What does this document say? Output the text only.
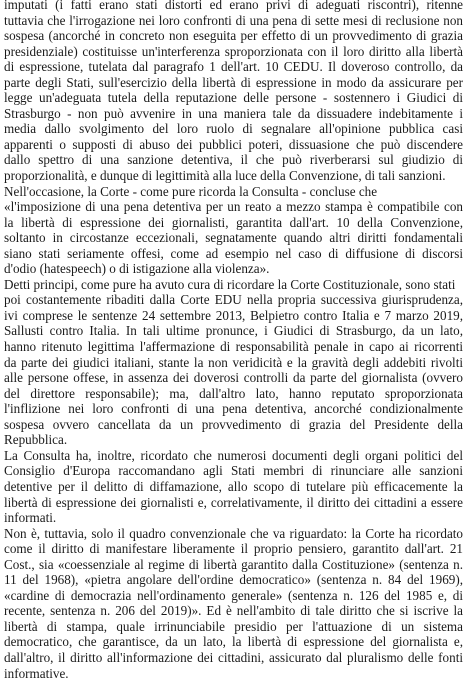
imputati (i fatti erano stati distorti ed erano privi di adeguati riscontri), ritenne
tuttavia che l'irrogazione nei loro confronti di una pena di sette mesi di reclusione non
sospesa (ancorché in concreto non eseguita per effetto di un provvedimento di grazia
presidenziale) costituisse un'interferenza sproporzionata con il loro diritto alla libertà
di espressione, tutelata dal paragrafo 1 dell'art. 10 CEDU. Il doveroso controllo, da
parte degli Stati, sull'esercizio della libertà di espressione in modo da assicurare per
legge un'adeguata tutela della reputazione delle persone - sostennero i Giudici di
Strasburgo - non può avvenire in una maniera tale da dissuadere indebitamente i
media dallo svolgimento del loro ruolo di segnalare all'opinione pubblica casi
apparenti o supposti di abuso dei pubblici poteri, dissuasione che può discendere
dallo spettro di una sanzione detentiva, il che può riverberarsi sul giudizio di
proporzionalità, e dunque di legittimità alla luce della Convenzione, di tali sanzioni.
Nell'occasione, la Corte - come pure ricorda la Consulta - concluse che
«l'imposizione di una pena detentiva per un reato a mezzo stampa è compatibile con
la libertà di espressione dei giornalisti, garantita dall'art. 10 della Convenzione,
soltanto in circostanze eccezionali, segnatamente quando altri diritti fondamentali
siano stati seriamente offesi, come ad esempio nel caso di diffusione di discorsi
d'odio (hatespeech) o di istigazione alla violenza».
Detti principi, come pure ha avuto cura di ricordare la Corte Costituzionale, sono stati
poi costantemente ribaditi dalla Corte EDU nella propria successiva giurisprudenza,
ivi comprese le sentenze 24 settembre 2013, Belpietro contro Italia e 7 marzo 2019,
Sallusti contro Italia. In tali ultime pronunce, i Giudici di Strasburgo, da un lato,
hanno ritenuto legittima l'affermazione di responsabilità penale in capo ai ricorrenti
da parte dei giudici italiani, stante la non veridicità e la gravità degli addebiti rivolti
alle persone offese, in assenza dei doverosi controlli da parte del giornalista (ovvero
del direttore responsabile); ma, dall'altro lato, hanno reputato sproporzionata
l'inflizione nei loro confronti di una pena detentiva, ancorché condizionalmente
sospesa ovvero cancellata da un provvedimento di grazia del Presidente della
Repubblica.
La Consulta ha, inoltre, ricordato che numerosi documenti degli organi politici del
Consiglio d'Europa raccomandano agli Stati membri di rinunciare alle sanzioni
detentive per il delitto di diffamazione, allo scopo di tutelare più efficacemente la
libertà di espressione dei giornalisti e, correlativamente, il diritto dei cittadini a essere
informati.
Non è, tuttavia, solo il quadro convenzionale che va riguardato: la Corte ha ricordato
come il diritto di manifestare liberamente il proprio pensiero, garantito dall'art. 21
Cost., sia «coessenziale al regime di libertà garantito dalla Costituzione» (sentenza n.
11 del 1968), «pietra angolare dell'ordine democratico» (sentenza n. 84 del 1969),
«cardine di democrazia nell'ordinamento generale» (sentenza n. 126 del 1985 e, di
recente, sentenza n. 206 del 2019)». Ed è nell'ambito di tale diritto che si iscrive la
libertà di stampa, quale irrinunciabile presidio per l'attuazione di un sistema
democratico, che garantisce, da un lato, la libertà di espressione del giornalista e,
dall'altro, il diritto all'informazione dei cittadini, assicurato dal pluralismo delle fonti
informative.
